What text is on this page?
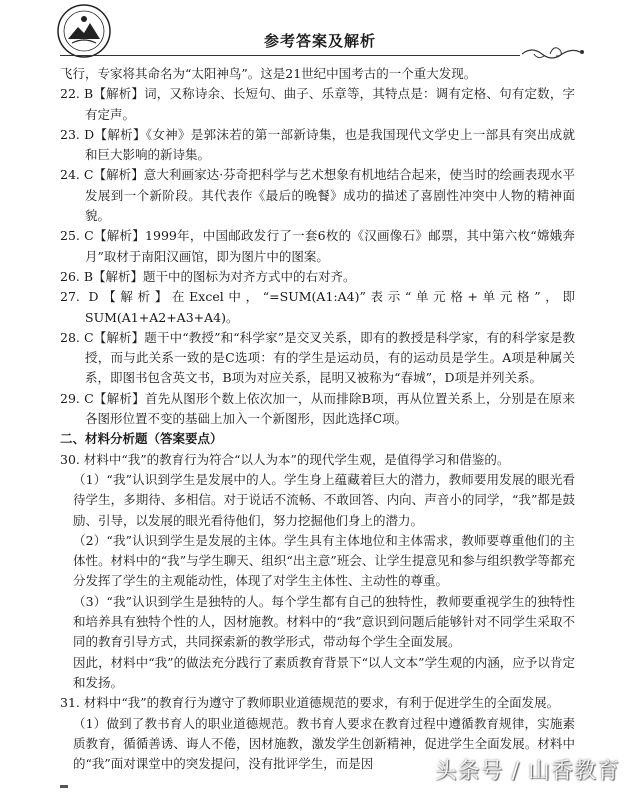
参考答案及解析

飞行，专家将其命名为“太阳神鸟”。这是21世纪中国考古的一个重大发现。

22. B【解析】词，又称诗余、长短句、曲子、乐章等，其特点是：调有定格、句有定数，字有定声。

23. D【解析】《女神》是郭沫若的第一部新诗集，也是我国现代文学史上一部具有突出成就和巨大影响的新诗集。

24. C【解析】意大利画家达·芬奇把科学与艺术想象有机地结合起来，使当时的绘画表现水平发展到一个新阶段。其代表作《最后的晚餐》成功的描述了喜剧性冲突中人物的精神面貌。

25. C【解析】1999年，中国邮政发行了一套6枚的《汉画像石》邮票，其中第六枚“嫦娥奔月”取材于南阳汉画馆，即为图片中的图案。

26. B【解析】题干中的图标为对齐方式中的右对齐。

27. D【解析】在Excel中，“=SUM(A1:A4)”表示“单元格+单元格”，即SUM(A1+A2+A3+A4)。

28. C【解析】题干中“教授”和“科学家”是交叉关系，即有的教授是科学家，有的科学家是教授，而与此关系一致的是C选项：有的学生是运动员，有的运动员是学生。A项是种属关系，即图书包含英文书，B项为对应关系，昆明又被称为“春城”，D项是并列关系。

29. C【解析】首先从图形个数上依次加一，从而排除B项，再从位置关系上，分别是在原来各图形位置不变的基础上加入一个新图形，因此选择C项。

二、材料分析题（答案要点）

30. 材料中“我”的教育行为符合“以人为本”的现代学生观，是值得学习和借鉴的。

（1）“我”认识到学生是发展中的人。学生身上蕴藏着巨大的潜力，教师要用发展的眼光看待学生，多期待、多相信。对于说话不流畅、不敢回答、内向、声音小的同学，“我”都是鼓励、引导，以发展的眼光看待他们，努力挖掘他们身上的潜力。

（2）“我”认识到学生是发展的主体。学生具有主体地位和主体需求，教师要尊重他们的主体性。材料中的“我”与学生聊天、组织“出主意”班会、让学生提意见和参与组织教学等都充分发挥了学生的主观能动性，体现了对学生主体性、主动性的尊重。

（3）“我”认识到学生是独特的人。每个学生都有自己的独特性，教师要重视学生的独特性和培养具有独特个性的人，因材施教。材料中的“我”意识到问题后能够针对不同学生采取不同的教育引导方式，共同探索新的教学形式，带动每个学生全面发展。

因此，材料中“我”的做法充分践行了素质教育背景下“以人文本”学生观的内涵，应予以肯定和发扬。

31. 材料中“我”的教育行为遵守了教师职业道德规范的要求，有利于促进学生的全面发展。

（1）做到了教书育人的职业道德规范。教书育人要求在教育过程中遵循教育规律，实施素质教育，循循善诱、诲人不倦，因材施教，激发学生创新精神，促进学生全面发展。材料中的“我”面对课堂中的突发提问，没有批评学生，而是因	头条号 / 山香教育
